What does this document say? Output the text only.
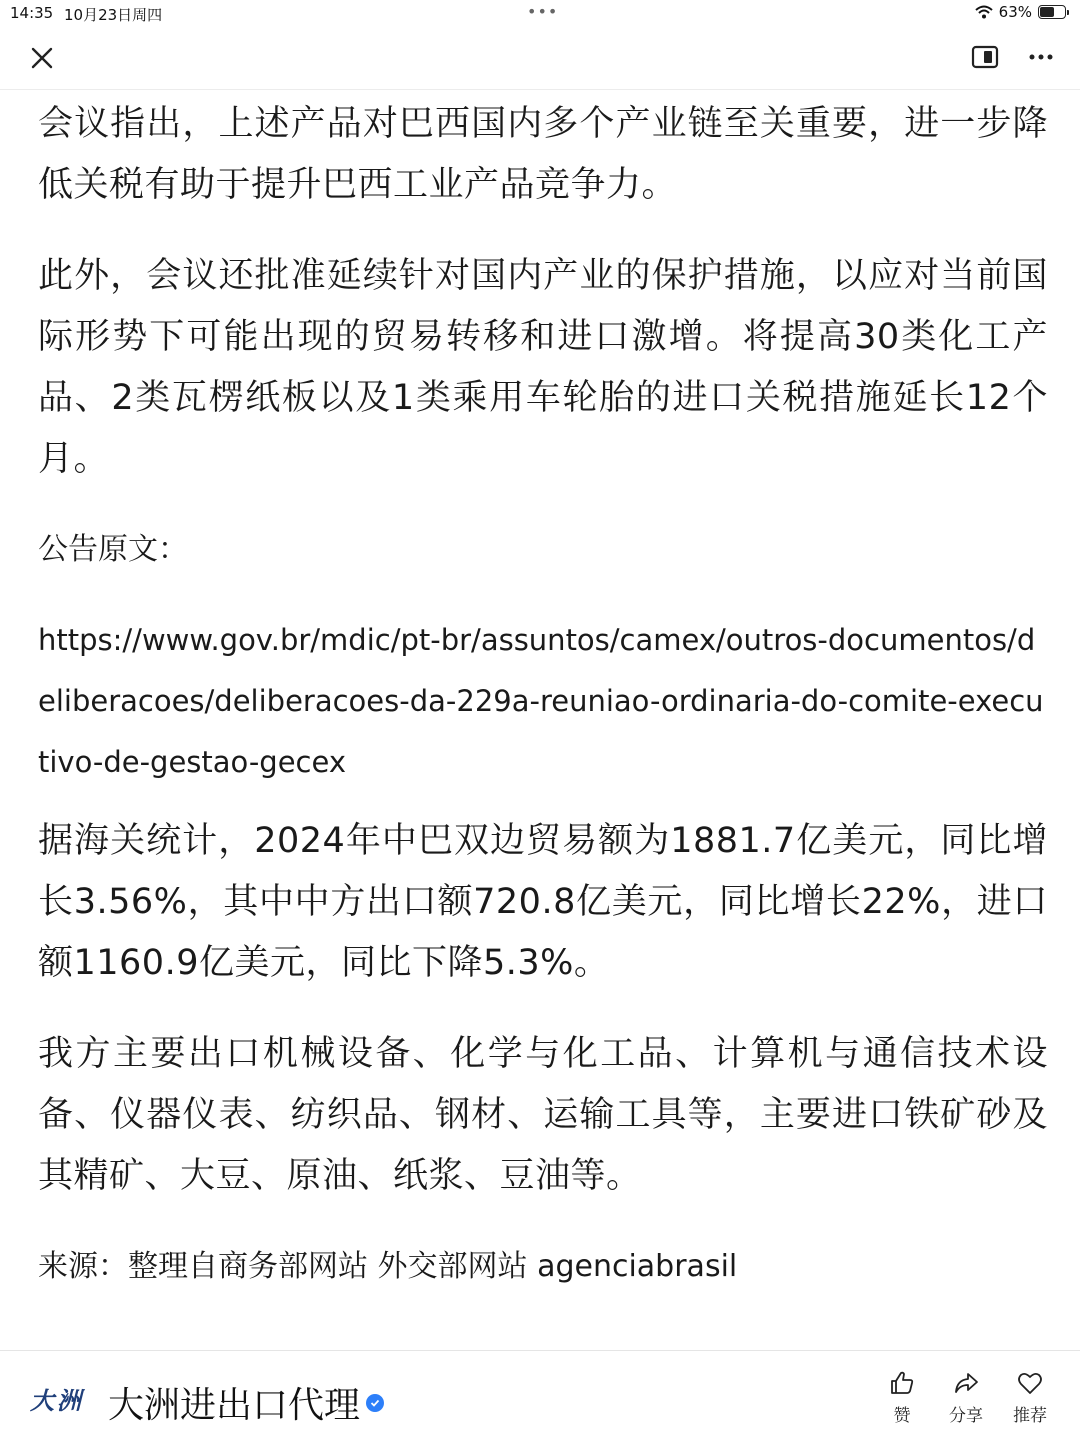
14:35 10月23日周四	•••	63%

会议指出，上述产品对巴西国内多个产业链至关重要，进一步降低关税有助于提升巴西工业产品竞争力。

此外，会议还批准延续针对国内产业的保护措施，以应对当前国际形势下可能出现的贸易转移和进口激增。将提高30类化工产品、2类瓦楞纸板以及1类乘用车轮胎的进口关税措施延长12个月。

公告原文：

https://www.gov.br/mdic/pt-br/assuntos/camex/outros-documentos/deliberacoes/deliberacoes-da-229a-reuniao-ordinaria-do-comite-executivo-de-gestao-gecex

据海关统计，2024年中巴双边贸易额为1881.7亿美元，同比增长3.56%，其中中方出口额720.8亿美元，同比增长22%，进口额1160.9亿美元，同比下降5.3%。

我方主要出口机械设备、化学与化工品、计算机与通信技术设备、仪器仪表、纺织品、钢材、运输工具等，主要进口铁矿砂及其精矿、大豆、原油、纸浆、豆油等。

来源：整理自商务部网站 外交部网站 agenciabrasil

大洲 大洲进出口代理	赞 分享 推荐
